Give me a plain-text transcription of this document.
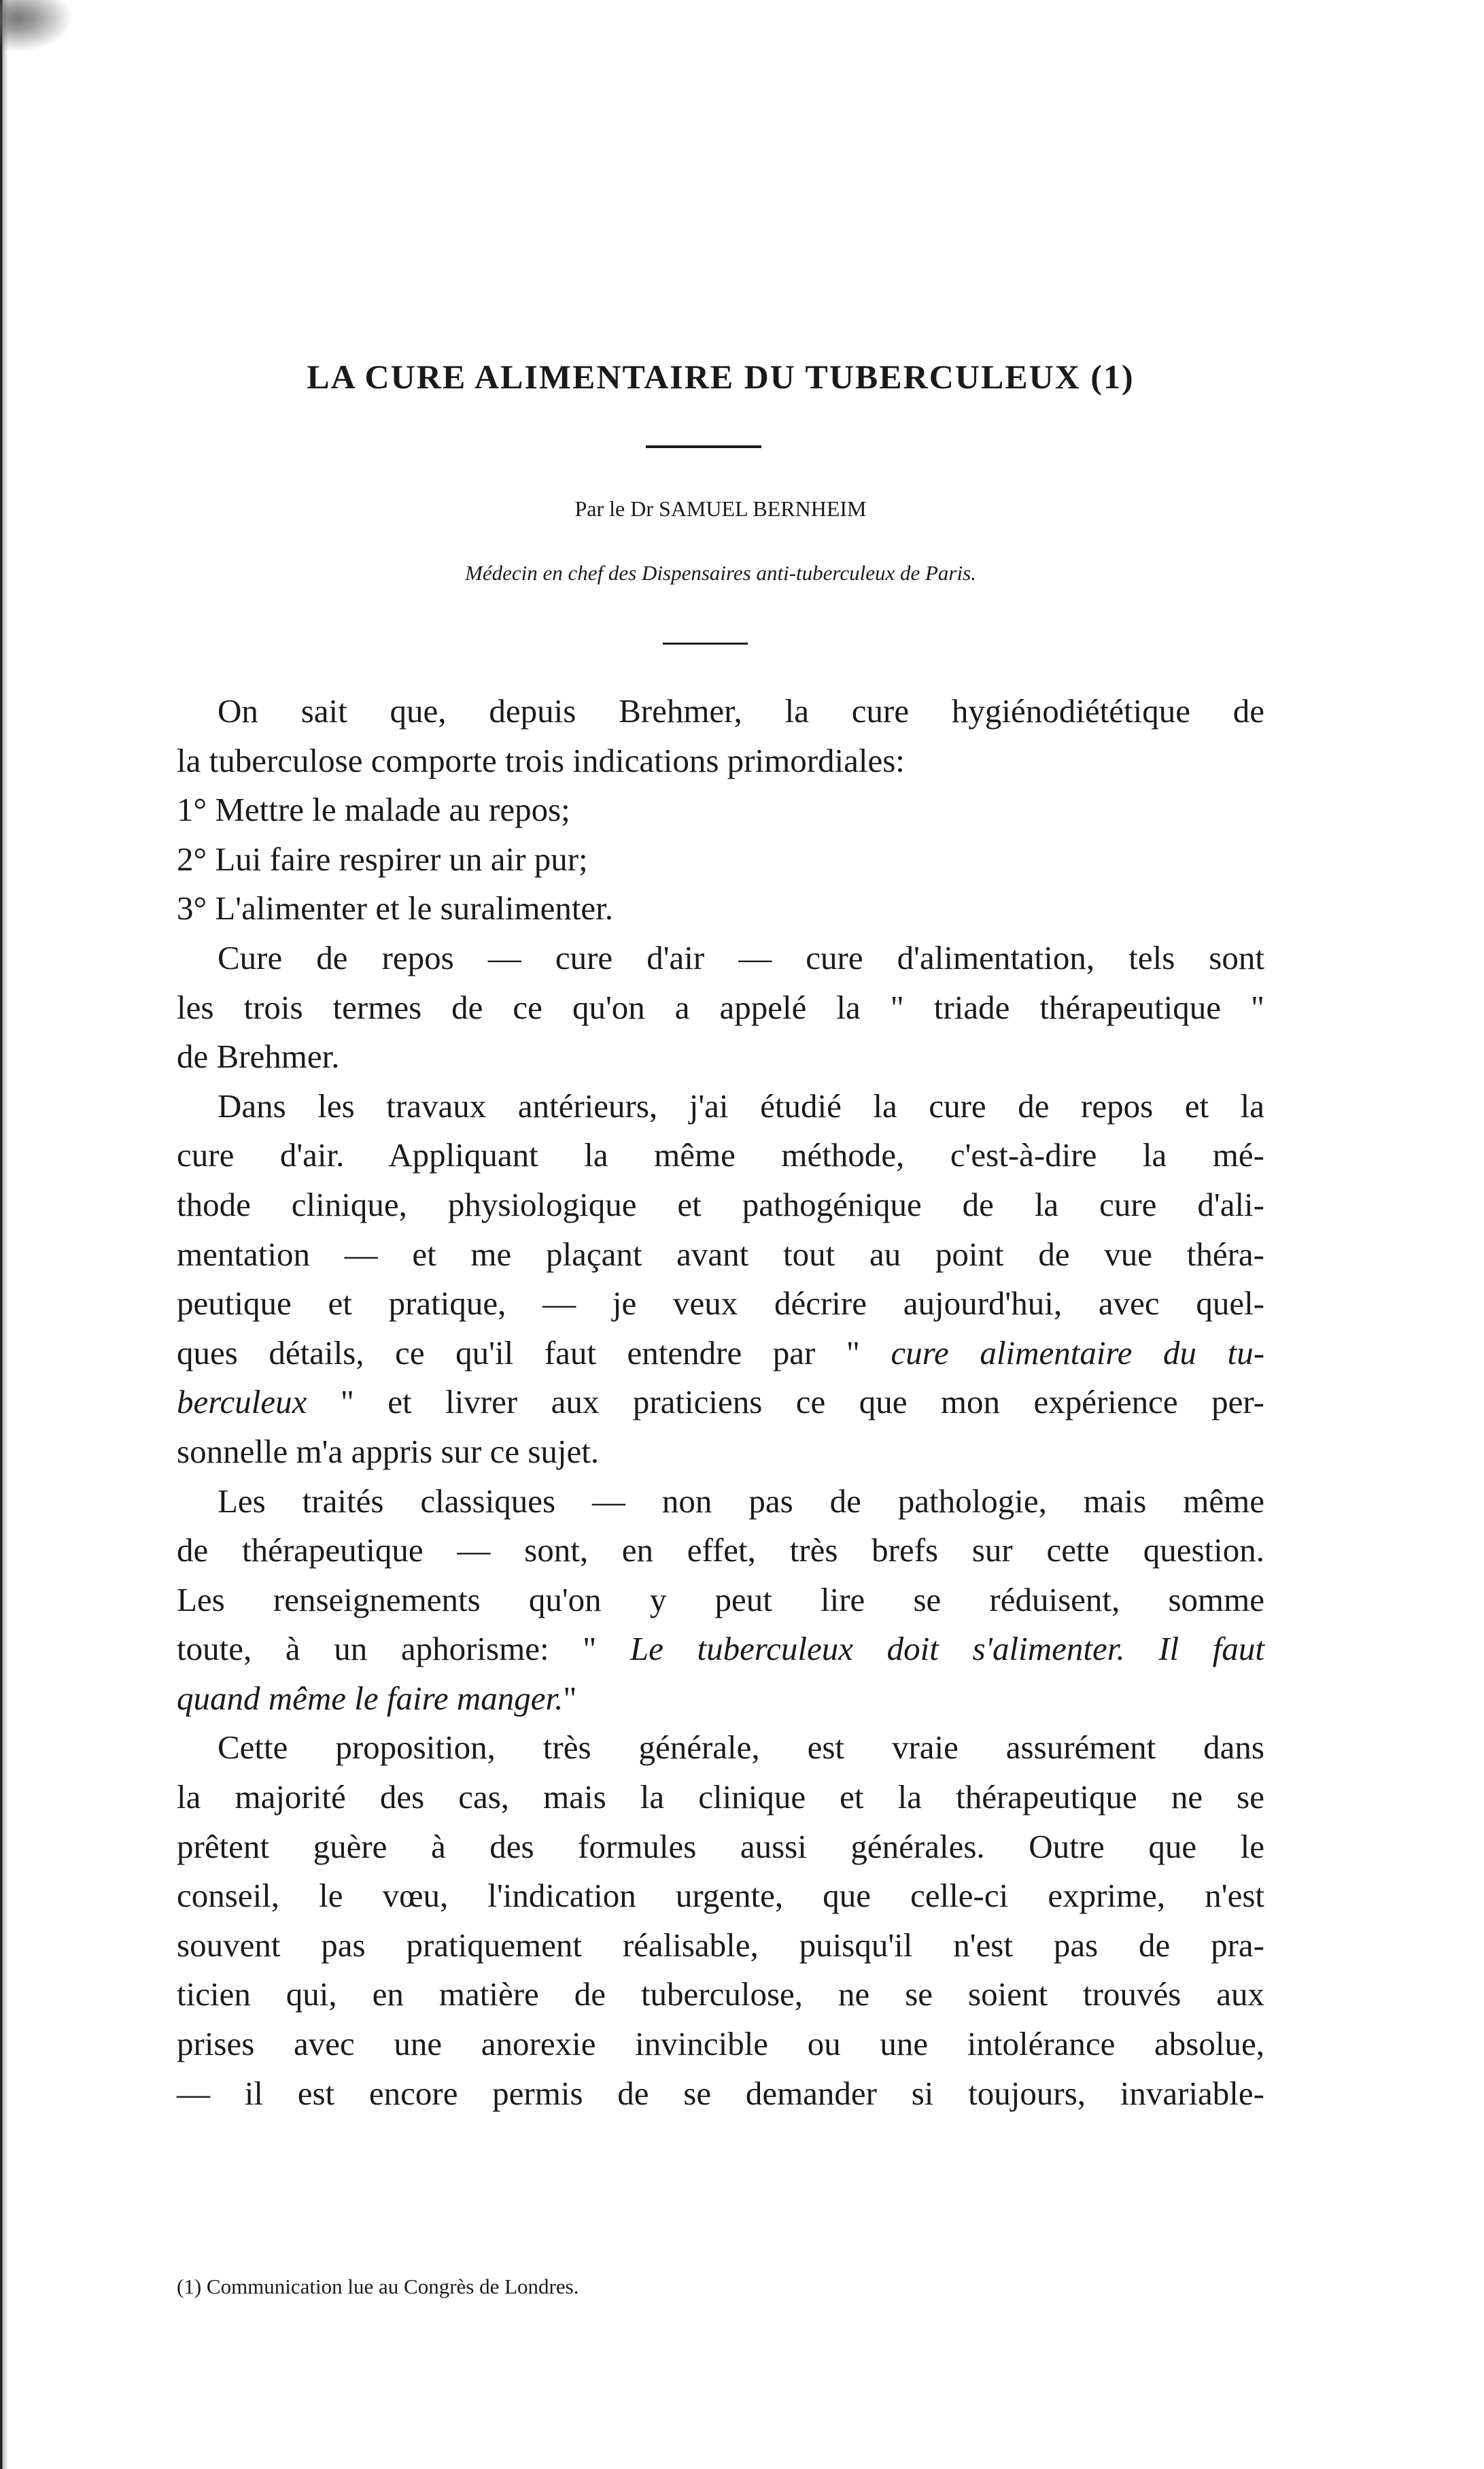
LA CURE ALIMENTAIRE DU TUBERCULEUX (1)
Par le Dr SAMUEL BERNHEIM
Médecin en chef des Dispensaires anti-tuberculeux de Paris.

On sait que, depuis Brehmer, la cure hygiénodiététique de
la tuberculose comporte trois indications primordiales:

1° Mettre le malade au repos;
2° Lui faire respirer un air pur;
3° L'alimenter et le suralimenter.

Cure de repos — cure d'air — cure d'alimentation, tels sont
les trois termes de ce qu'on a appelé la " triade thérapeutique "
de Brehmer.

Dans les travaux antérieurs, j'ai étudié la cure de repos et la
cure d'air. Appliquant la même méthode, c'est-à-dire la mé-
thode clinique, physiologique et pathogénique de la cure d'ali-
mentation — et me plaçant avant tout au point de vue théra-
peutique et pratique, — je veux décrire aujourd'hui, avec quel-
ques détails, ce qu'il faut entendre par " cure alimentaire du tu-
berculeux " et livrer aux praticiens ce que mon expérience per-
sonnelle m'a appris sur ce sujet.

Les traités classiques — non pas de pathologie, mais même
de thérapeutique — sont, en effet, très brefs sur cette question.
Les renseignements qu'on y peut lire se réduisent, somme
toute, à un aphorisme: " Le tuberculeux doit s'alimenter. Il faut
quand même le faire manger."

Cette proposition, très générale, est vraie assurément dans
la majorité des cas, mais la clinique et la thérapeutique ne se
prêtent guère à des formules aussi générales. Outre que le
conseil, le vœu, l'indication urgente, que celle-ci exprime, n'est
souvent pas pratiquement réalisable, puisqu'il n'est pas de pra-
ticien qui, en matière de tuberculose, ne se soient trouvés aux
prises avec une anorexie invincible ou une intolérance absolue,
— il est encore permis de se demander si toujours, invariable-

(1) Communication lue au Congrès de Londres.
